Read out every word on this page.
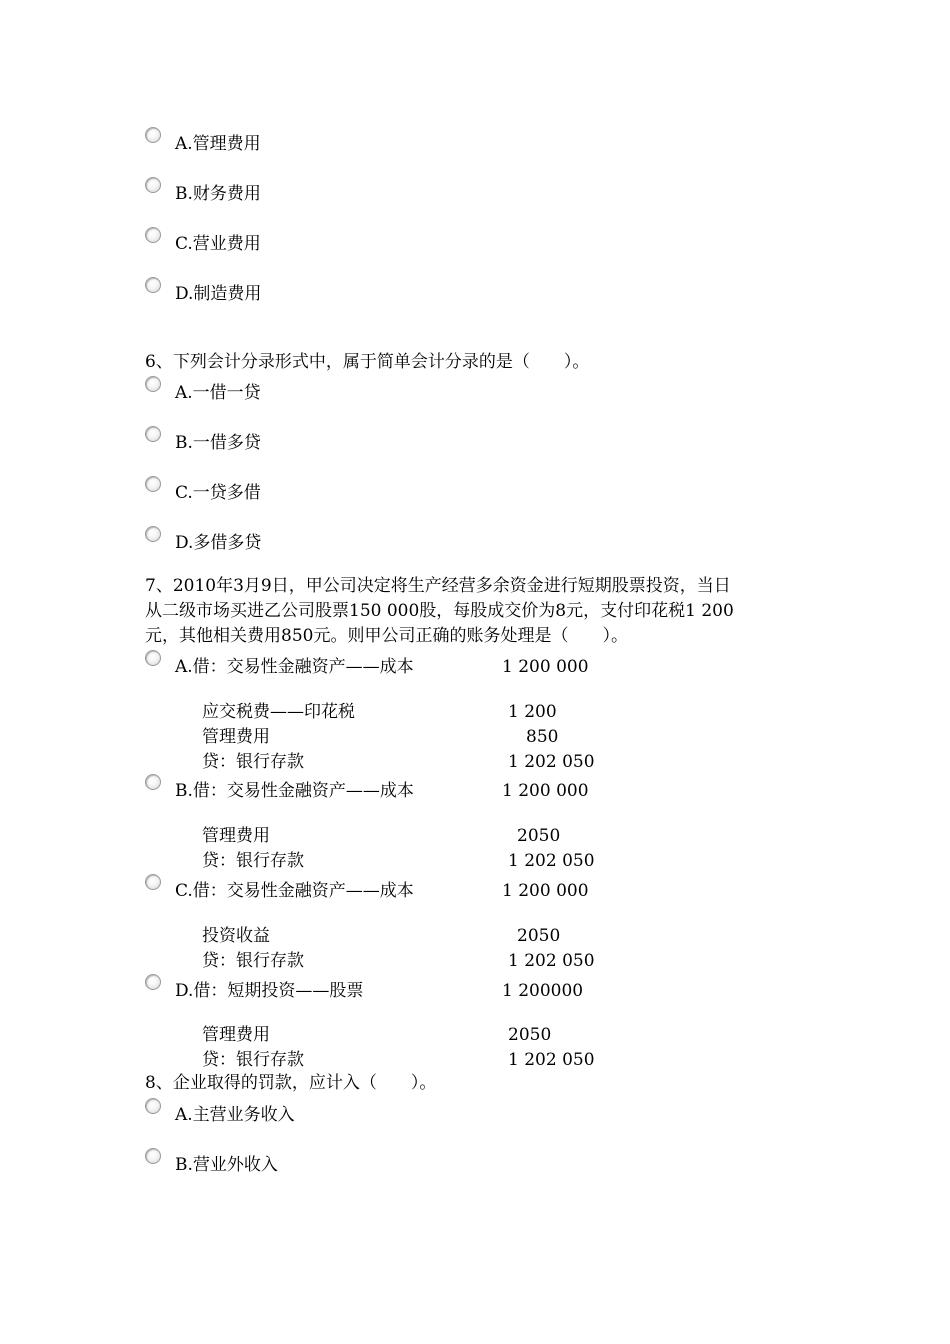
A.管理费用
B.财务费用
C.营业费用
D.制造费用
6、下列会计分录形式中，属于简单会计分录的是（　　）。
A.一借一贷
B.一借多贷
C.一贷多借
D.多借多贷
7、2010年3月9日，甲公司决定将生产经营多余资金进行短期股票投资，当日
从二级市场买进乙公司股票150 000股，每股成交价为8元，支付印花税1 200
元，其他相关费用850元。则甲公司正确的账务处理是（　　）。
A.借：交易性金融资产——成本	1 200 000
应交税费——印花税	1 200
管理费用	850
贷：银行存款	1 202 050
B.借：交易性金融资产——成本	1 200 000
管理费用	2050
贷：银行存款	1 202 050
C.借：交易性金融资产——成本	1 200 000
投资收益	2050
贷：银行存款	1 202 050
D.借：短期投资——股票	1 200000
管理费用	2050
贷：银行存款	1 202 050
8、企业取得的罚款，应计入（　　）。
A.主营业务收入
B.营业外收入
